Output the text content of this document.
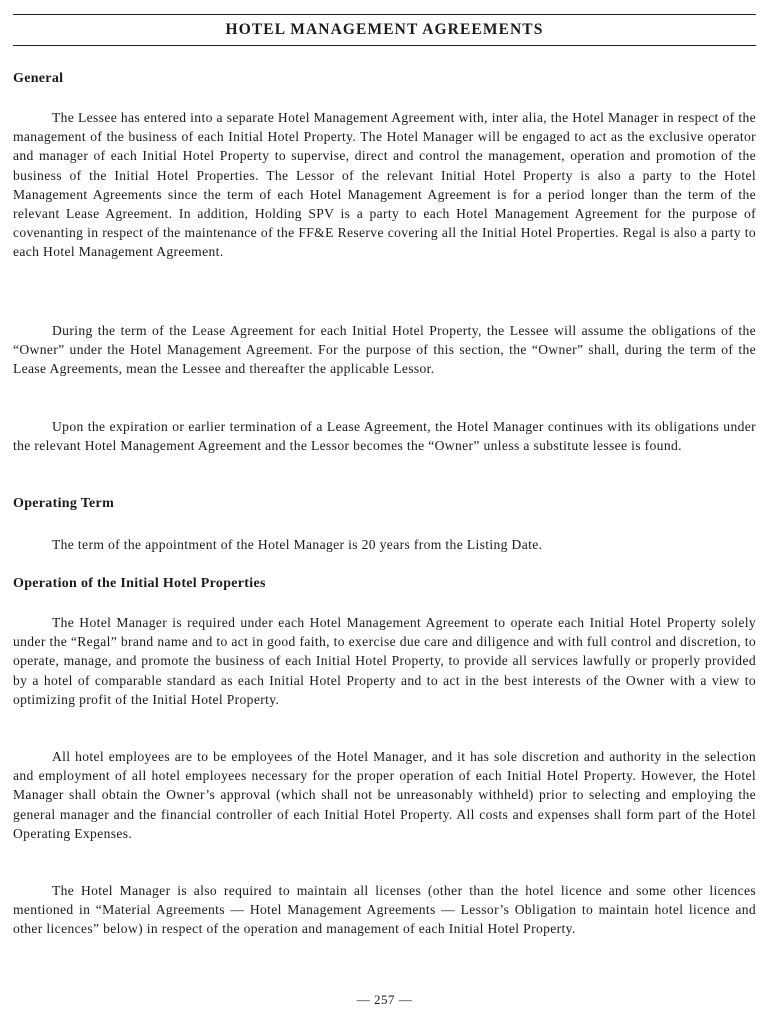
HOTEL MANAGEMENT AGREEMENTS
General

The Lessee has entered into a separate Hotel Management Agreement with, inter alia, the Hotel Manager in respect of the management of the business of each Initial Hotel Property. The Hotel Manager will be engaged to act as the exclusive operator and manager of each Initial Hotel Property to supervise, direct and control the management, operation and promotion of the business of the Initial Hotel Properties. The Lessor of the relevant Initial Hotel Property is also a party to the Hotel Management Agreements since the term of each Hotel Management Agreement is for a period longer than the term of the relevant Lease Agreement. In addition, Holding SPV is a party to each Hotel Management Agreement for the purpose of covenanting in respect of the maintenance of the FF&E Reserve covering all the Initial Hotel Properties. Regal is also a party to each Hotel Management Agreement.

During the term of the Lease Agreement for each Initial Hotel Property, the Lessee will assume the obligations of the “Owner” under the Hotel Management Agreement. For the purpose of this section, the “Owner” shall, during the term of the Lease Agreements, mean the Lessee and thereafter the applicable Lessor.

Upon the expiration or earlier termination of a Lease Agreement, the Hotel Manager continues with its obligations under the relevant Hotel Management Agreement and the Lessor becomes the “Owner” unless a substitute lessee is found.

Operating Term

The term of the appointment of the Hotel Manager is 20 years from the Listing Date.

Operation of the Initial Hotel Properties

The Hotel Manager is required under each Hotel Management Agreement to operate each Initial Hotel Property solely under the “Regal” brand name and to act in good faith, to exercise due care and diligence and with full control and discretion, to operate, manage, and promote the business of each Initial Hotel Property, to provide all services lawfully or properly provided by a hotel of comparable standard as each Initial Hotel Property and to act in the best interests of the Owner with a view to optimizing profit of the Initial Hotel Property.

All hotel employees are to be employees of the Hotel Manager, and it has sole discretion and authority in the selection and employment of all hotel employees necessary for the proper operation of each Initial Hotel Property. However, the Hotel Manager shall obtain the Owner’s approval (which shall not be unreasonably withheld) prior to selecting and employing the general manager and the financial controller of each Initial Hotel Property. All costs and expenses shall form part of the Hotel Operating Expenses.

The Hotel Manager is also required to maintain all licenses (other than the hotel licence and some other licences mentioned in “Material Agreements — Hotel Management Agreements — Lessor’s Obligation to maintain hotel licence and other licences” below) in respect of the operation and management of each Initial Hotel Property.

— 257 —
